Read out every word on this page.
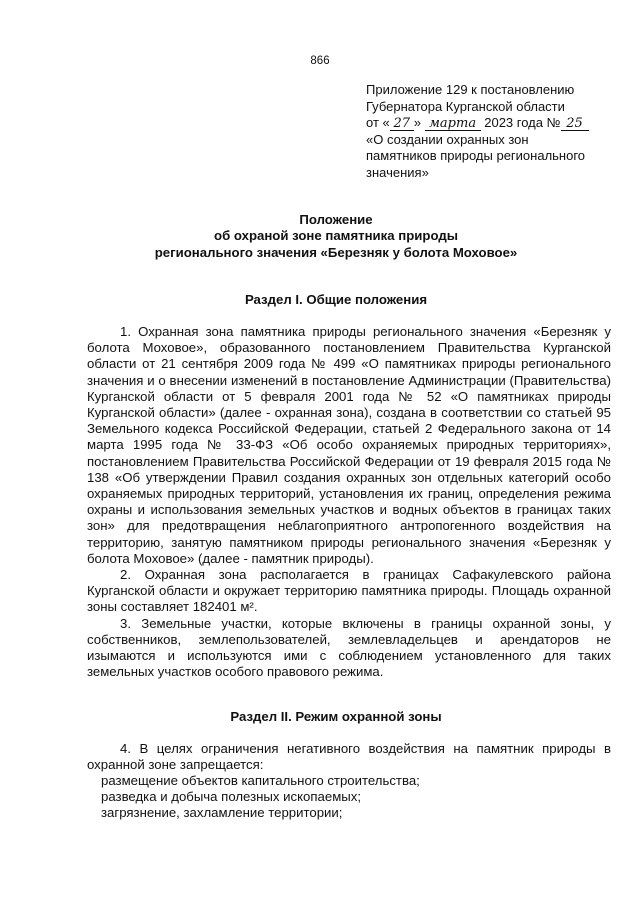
866
Приложение 129 к постановлению
Губернатора Курганской области
от « 27 » марта 2023 года № 25
«О создании охранных зон
памятников природы регионального
значения»
Положение
об охраной зоне памятника природы
регионального значения «Березняк у болота Моховое»
Раздел I. Общие положения

1. Охранная зона памятника природы регионального значения «Березняк у болота Моховое», образованного постановлением Правительства Курганской области от 21 сентября 2009 года № 499 «О памятниках природы регионального значения и о внесении изменений в постановление Администрации (Правительства) Курганской области от 5 февраля 2001 года № 52 «О памятниках природы Курганской области» (далее - охранная зона), создана в соответствии со статьей 95 Земельного кодекса Российской Федерации, статьей 2 Федерального закона от 14 марта 1995 года № 33-ФЗ «Об особо охраняемых природных территориях», постановлением Правительства Российской Федерации от 19 февраля 2015 года № 138 «Об утверждении Правил создания охранных зон отдельных категорий особо охраняемых природных территорий, установления их границ, определения режима охраны и использования земельных участков и водных объектов в границах таких зон» для предотвращения неблагоприятного антропогенного воздействия на территорию, занятую памятником природы регионального значения «Березняк у болота Моховое» (далее - памятник природы).

2. Охранная зона располагается в границах Сафакулевского района Курганской области и окружает территорию памятника природы. Площадь охранной зоны составляет 182401 м².

3. Земельные участки, которые включены в границы охранной зоны, у собственников, землепользователей, землевладельцев и арендаторов не изымаются и используются ими с соблюдением установленного для таких земельных участков особого правового режима.

Раздел II. Режим охранной зоны

4. В целях ограничения негативного воздействия на памятник природы в охранной зоне запрещается:

размещение объектов капитального строительства;
разведка и добыча полезных ископаемых;
загрязнение, захламление территории;
